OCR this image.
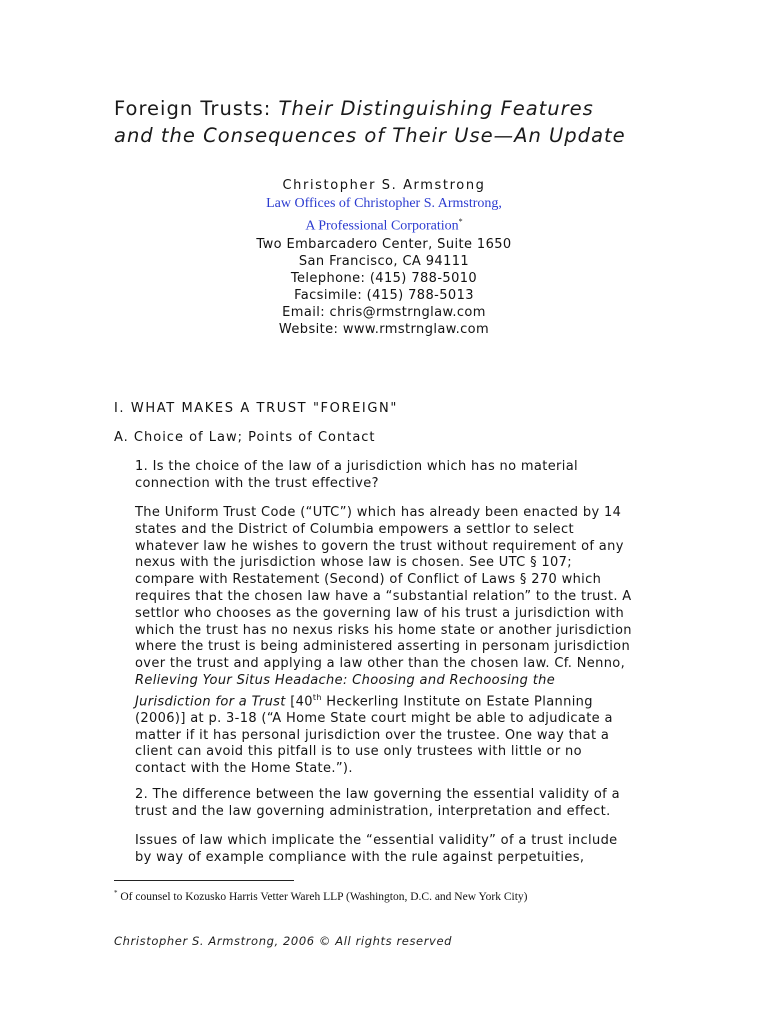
Foreign Trusts: Their Distinguishing Features
and the Consequences of Their Use—An Update
Christopher S. Armstrong
Law Offices of Christopher S. Armstrong,
A Professional Corporation*
Two Embarcadero Center, Suite 1650
San Francisco, CA 94111
Telephone: (415) 788-5010
Facsimile: (415) 788-5013
Email: chris@rmstrnglaw.com
Website: www.rmstrnglaw.com
I. WHAT MAKES A TRUST "FOREIGN"
A. Choice of Law; Points of Contact
1. Is the choice of the law of a jurisdiction which has no material connection with the trust effective?
The Uniform Trust Code (“UTC”) which has already been enacted by 14 states and the District of Columbia empowers a settlor to select whatever law he wishes to govern the trust without requirement of any nexus with the jurisdiction whose law is chosen. See UTC § 107; compare with Restatement (Second) of Conflict of Laws § 270 which requires that the chosen law have a “substantial relation” to the trust. A settlor who chooses as the governing law of his trust a jurisdiction with which the trust has no nexus risks his home state or another jurisdiction where the trust is being administered asserting in personam jurisdiction over the trust and applying a law other than the chosen law. Cf. Nenno, Relieving Your Situs Headache: Choosing and Rechoosing the Jurisdiction for a Trust [40th Heckerling Institute on Estate Planning (2006)] at p. 3-18 (“A Home State court might be able to adjudicate a matter if it has personal jurisdiction over the trustee. One way that a client can avoid this pitfall is to use only trustees with little or no contact with the Home State.”).
2. The difference between the law governing the essential validity of a trust and the law governing administration, interpretation and effect.
Issues of law which implicate the “essential validity” of a trust include by way of example compliance with the rule against perpetuities,
* Of counsel to Kozusko Harris Vetter Wareh LLP (Washington, D.C. and New York City)
Christopher S. Armstrong, 2006 © All rights reserved
